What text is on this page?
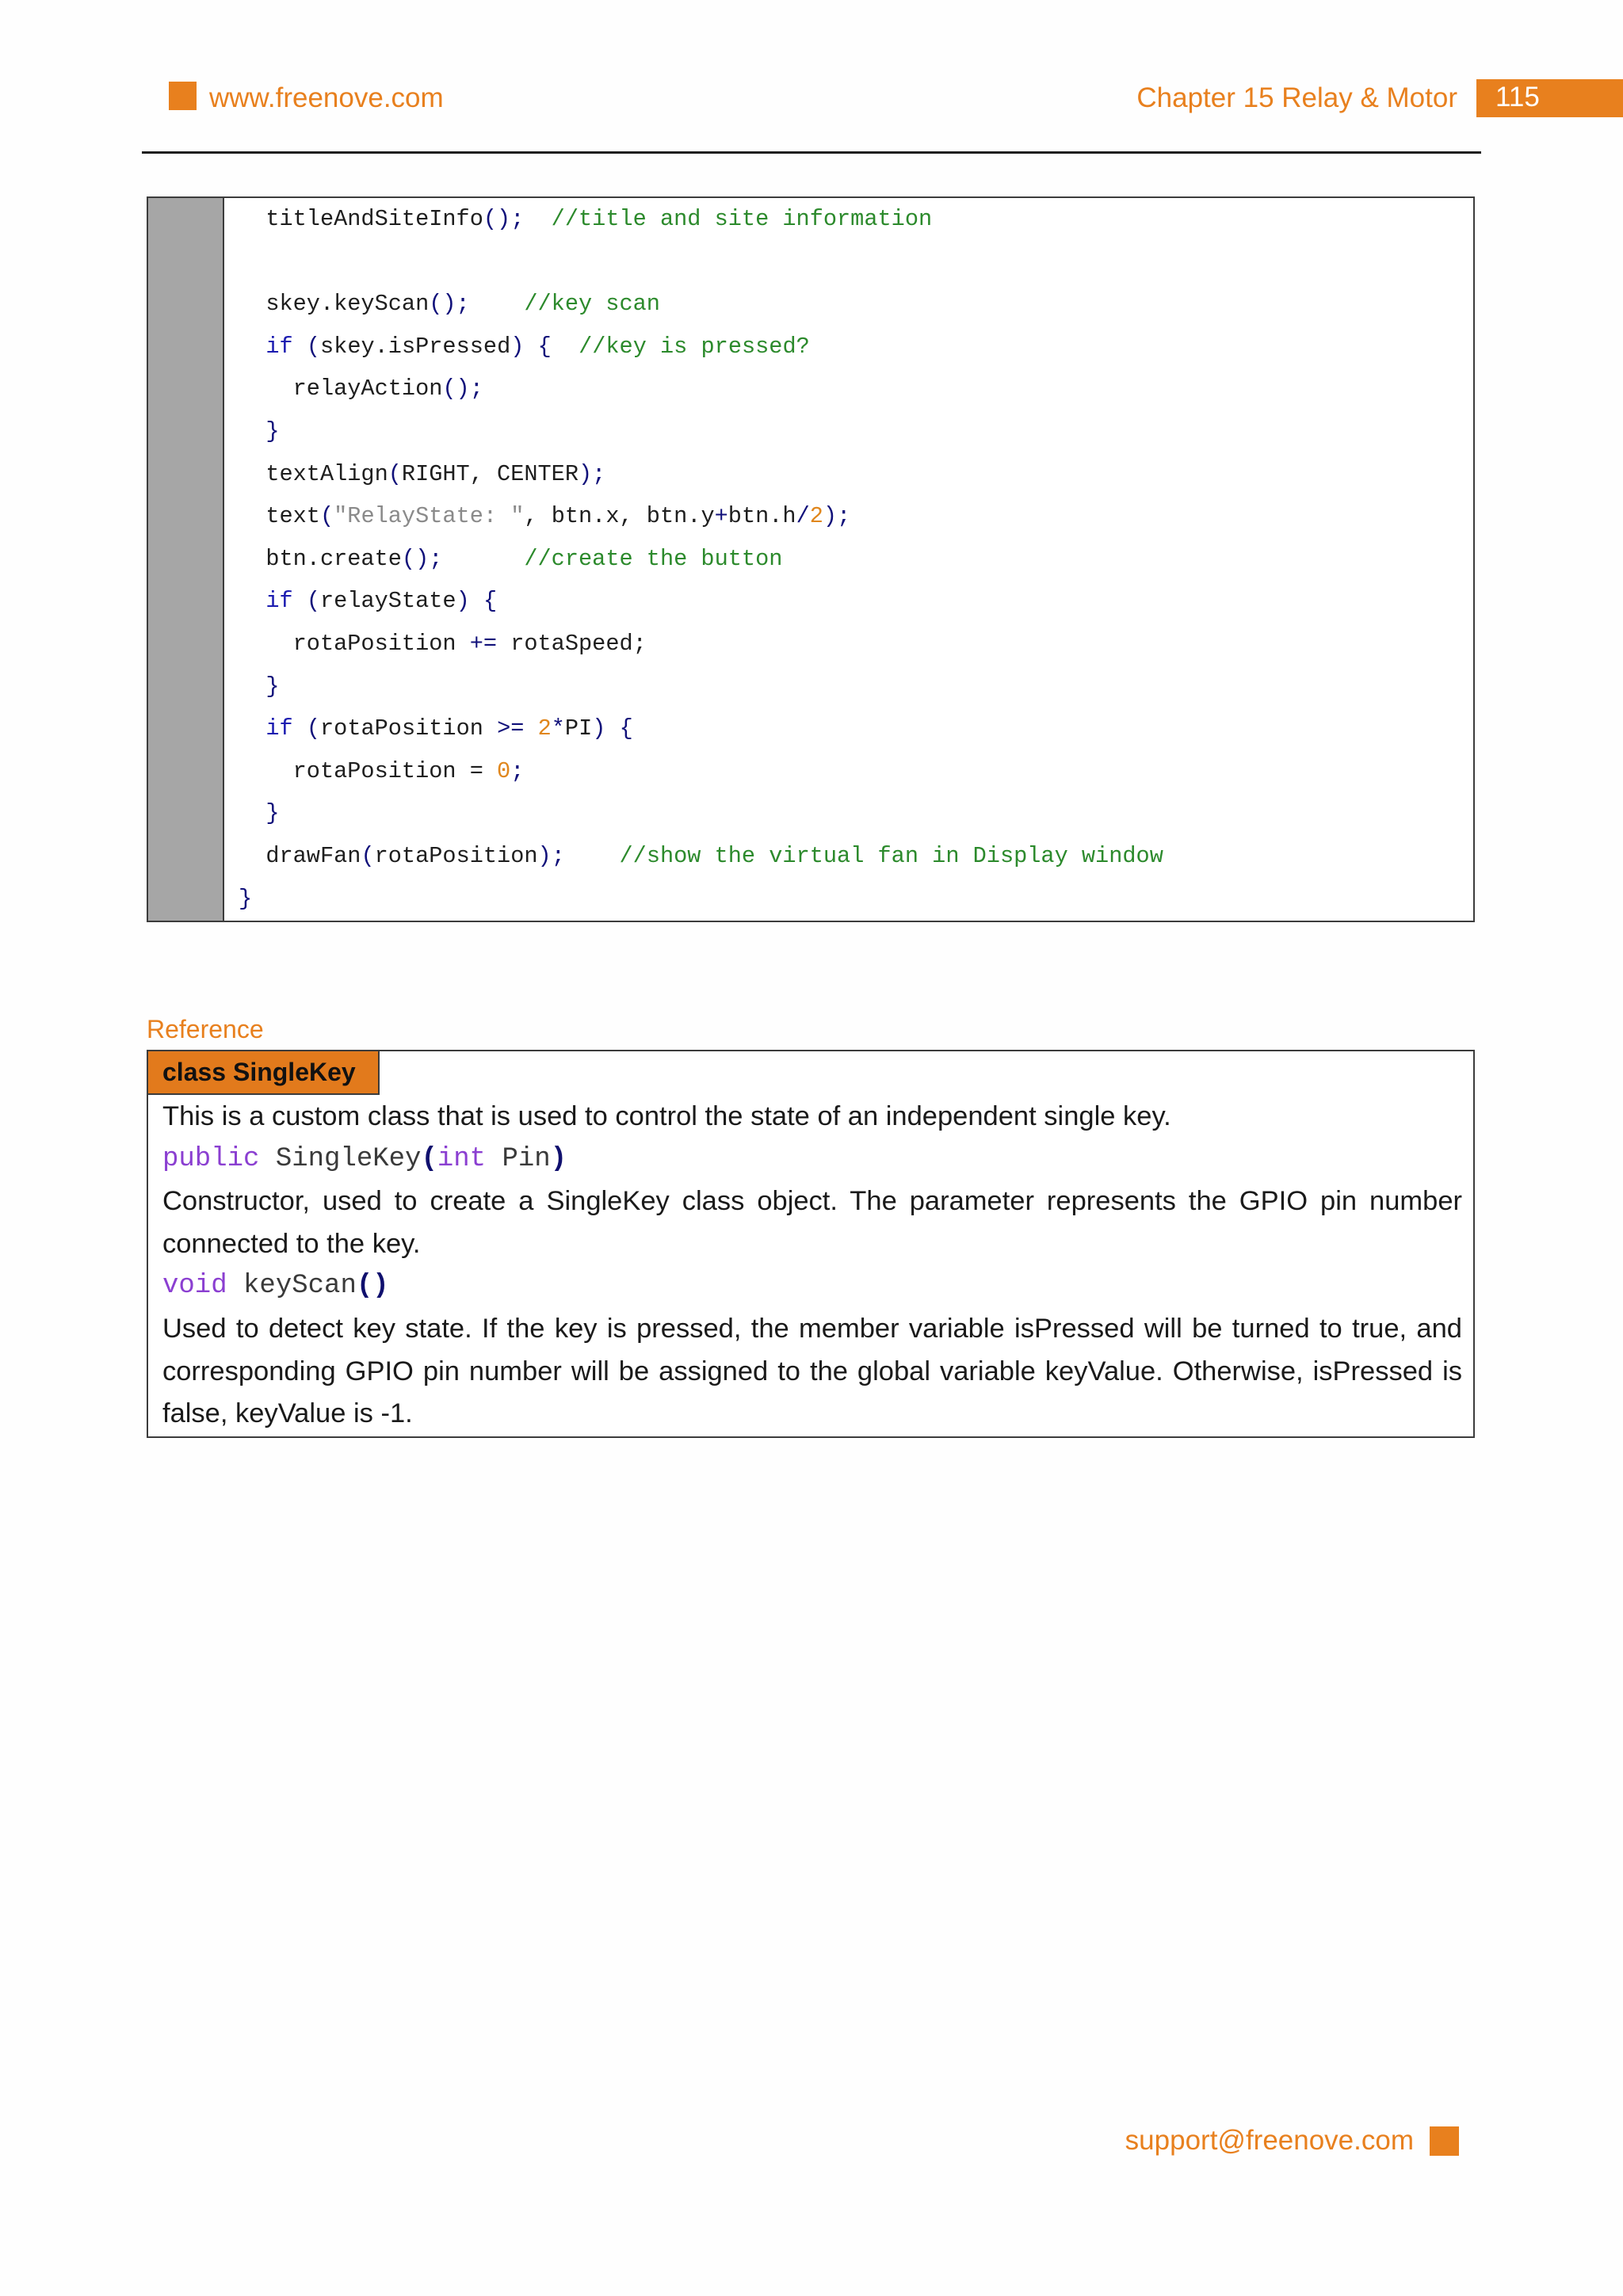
www.freenove.com	Chapter 15 Relay & Motor 115
titleAndSiteInfo();  //title and site information
skey.keyScan();    //key scan
if (skey.isPressed) {  //key is pressed?
relayAction();
}
textAlign(RIGHT, CENTER);
text("RelayState: ", btn.x, btn.y+btn.h/2);
btn.create();      //create the button
if (relayState) {
rotaPosition += rotaSpeed;
}
if (rotaPosition >= 2*PI) {
rotaPosition = 0;
}
drawFan(rotaPosition);    //show the virtual fan in Display window
}
Reference
class SingleKey
This is a custom class that is used to control the state of an independent single key.
public SingleKey(int Pin)
Constructor, used to create a SingleKey class object. The parameter represents the GPIO pin number
connected to the key.
void keyScan()
Used to detect key state. If the key is pressed, the member variable isPressed will be turned to true, and
corresponding GPIO pin number will be assigned to the global variable keyValue. Otherwise, isPressed is
false, keyValue is -1.
support@freenove.com
